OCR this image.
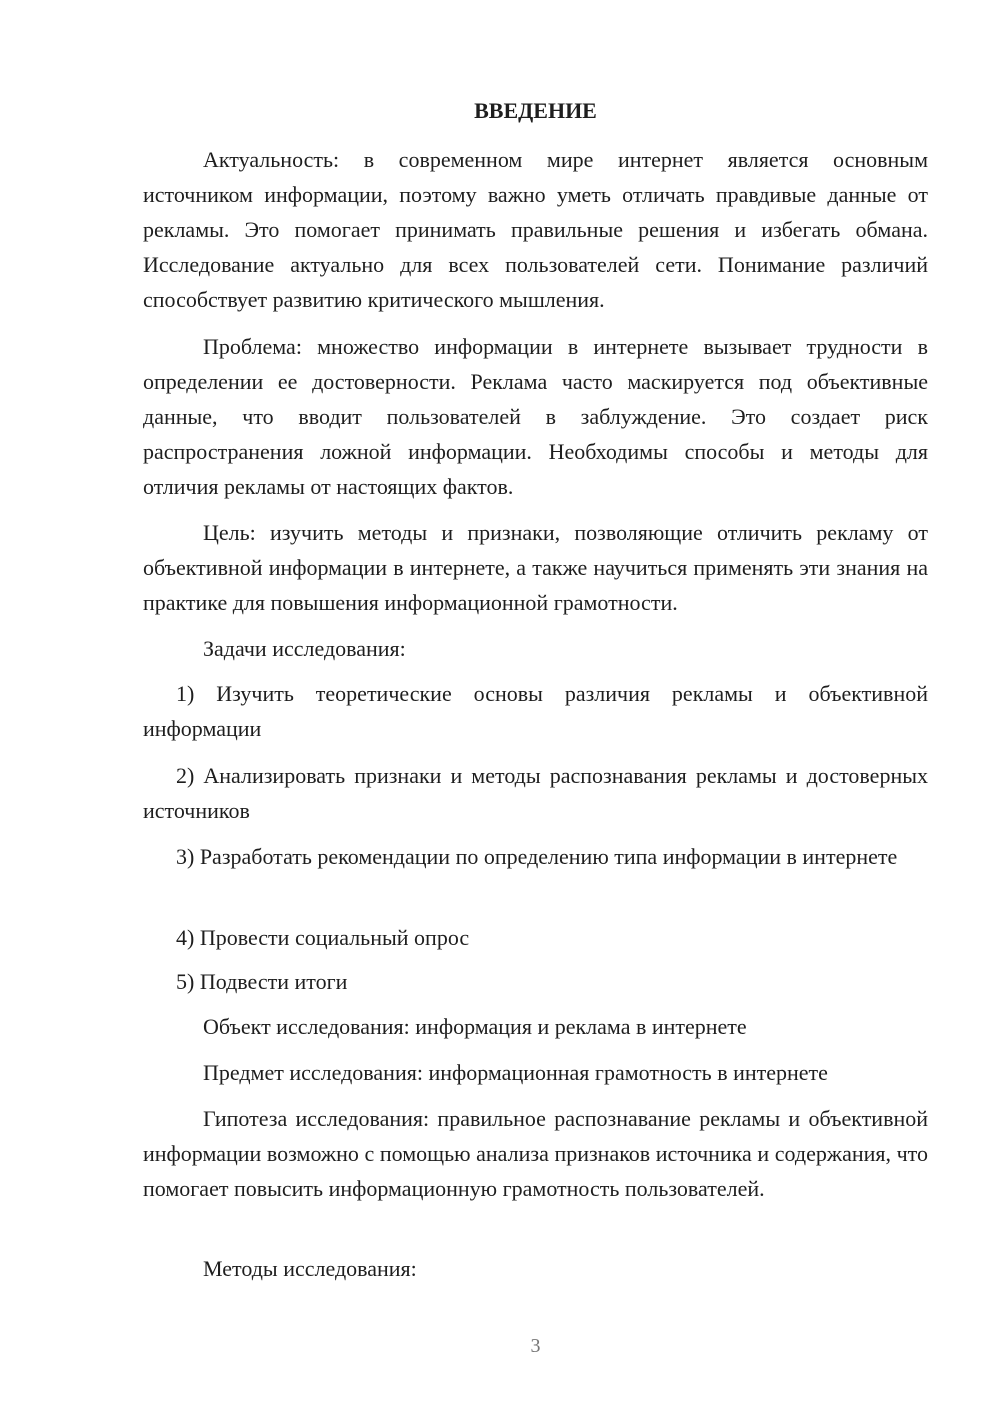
ВВЕДЕНИЕ

Актуальность: в современном мире интернет является основным источником информации, поэтому важно уметь отличать правдивые данные от рекламы. Это помогает принимать правильные решения и избегать обмана. Исследование актуально для всех пользователей сети. Понимание различий способствует развитию критического мышления.

Проблема: множество информации в интернете вызывает трудности в определении ее достоверности. Реклама часто маскируется под объективные данные, что вводит пользователей в заблуждение. Это создает риск распространения ложной информации. Необходимы способы и методы для отличия рекламы от настоящих фактов.

Цель: изучить методы и признаки, позволяющие отличить рекламу от объективной информации в интернете, а также научиться применять эти знания на практике для повышения информационной грамотности.

Задачи исследования:

1) Изучить теоретические основы различия рекламы и объективной информации

2) Анализировать признаки и методы распознавания рекламы и достоверных источников

3) Разработать рекомендации по определению типа информации в интернете

4) Провести социальный опрос

5) Подвести итоги

Объект исследования: информация и реклама в интернете

Предмет исследования: информационная грамотность в интернете

Гипотеза исследования: правильное распознавание рекламы и объективной информации возможно с помощью анализа признаков источника и содержания, что помогает повысить информационную грамотность пользователей.

Методы исследования:

3
